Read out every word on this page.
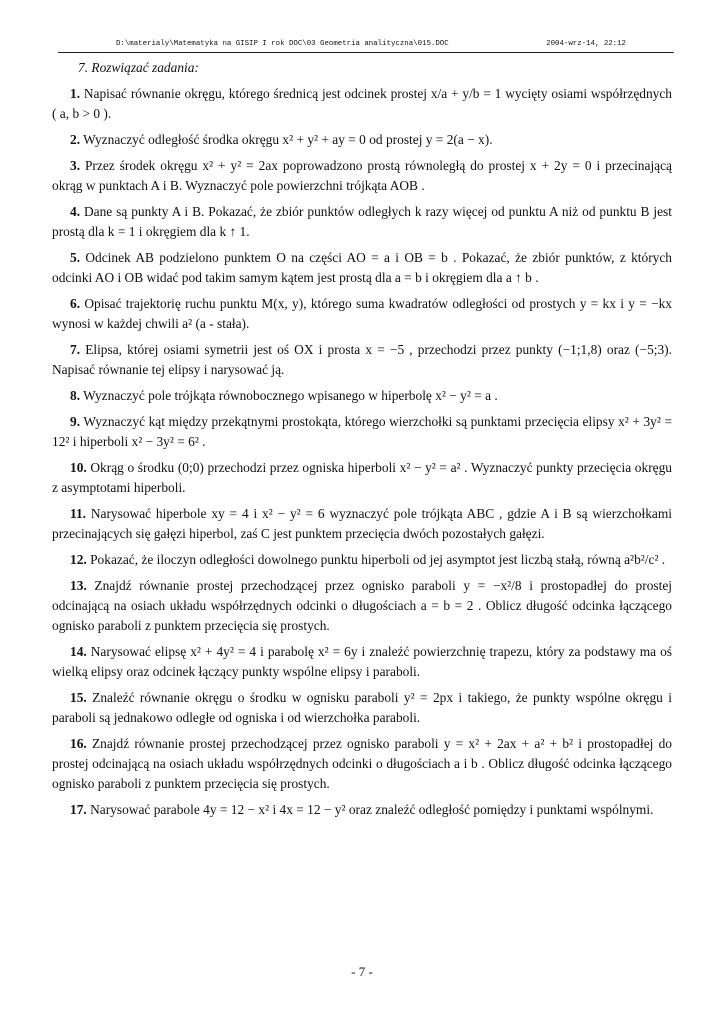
D:\materialy\Matematyka na GISIP I rok DOC\03 Geometria analityczna\015.DOC	2004-wrz-14, 22:12

7. Rozwiązać zadania:

1. Napisać równanie okręgu, którego średnicą jest odcinek prostej x/a + y/b = 1 wycięty osiami współrzędnych ( a, b > 0 ).

2. Wyznaczyć odległość środka okręgu x² + y² + ay = 0 od prostej y = 2(a − x).

3. Przez środek okręgu x² + y² = 2ax poprowadzono prostą równoległą do prostej x + 2y = 0 i przecinającą okrąg w punktach A i B. Wyznaczyć pole powierzchni trójkąta AOB .

4. Dane są punkty A i B. Pokazać, że zbiór punktów odległych k razy więcej od punktu A niż od punktu B jest prostą dla k = 1 i okręgiem dla k ↑ 1.

5. Odcinek AB podzielono punktem O na części AO = a i OB = b . Pokazać, że zbiór punktów, z których odcinki AO i OB widać pod takim samym kątem jest prostą dla a = b i okręgiem dla a ↑ b .

6. Opisać trajektorię ruchu punktu M(x, y), którego suma kwadratów odległości od prostych y = kx i y = −kx wynosi w każdej chwili a² (a - stała).

7. Elipsa, której osiami symetrii jest oś OX i prosta x = −5 , przechodzi przez punkty (−1;1,8) oraz (−5;3). Napisać równanie tej elipsy i narysować ją.

8. Wyznaczyć pole trójkąta równobocznego wpisanego w hiperbolę x² − y² = a .

9. Wyznaczyć kąt między przekątnymi prostokąta, którego wierzchołki są punktami przecięcia elipsy x² + 3y² = 12² i hiperboli x² − 3y² = 6² .

10. Okrąg o środku (0;0) przechodzi przez ogniska hiperboli x² − y² = a² . Wyznaczyć punkty przecięcia okręgu z asymptotami hiperboli.

11. Narysować hiperbole xy = 4 i x² − y² = 6 wyznaczyć pole trójkąta ABC , gdzie A i B są wierzchołkami przecinających się gałęzi hiperbol, zaś C jest punktem przecięcia dwóch pozostałych gałęzi.

12. Pokazać, że iloczyn odległości dowolnego punktu hiperboli od jej asymptot jest liczbą stałą, równą a²b²/c² .

13. Znajdź równanie prostej przechodzącej przez ognisko paraboli y = −x²/8 i prostopadłej do prostej odcinającą na osiach układu współrzędnych odcinki o długościach a = b = 2 . Oblicz długość odcinka łączącego ognisko paraboli z punktem przecięcia się prostych.

14. Narysować elipsę x² + 4y² = 4 i parabolę x² = 6y i znaleźć powierzchnię trapezu, który za podstawy ma oś wielką elipsy oraz odcinek łączący punkty wspólne elipsy i paraboli.

15. Znaleźć równanie okręgu o środku w ognisku paraboli y² = 2px i takiego, że punkty wspólne okręgu i paraboli są jednakowo odległe od ogniska i od wierzchołka paraboli.

16. Znajdź równanie prostej przechodzącej przez ognisko paraboli y = x² + 2ax + a² + b² i prostopadłej do prostej odcinającą na osiach układu współrzędnych odcinki o długościach a i b . Oblicz długość odcinka łączącego ognisko paraboli z punktem przecięcia się prostych.

17. Narysować parabole 4y = 12 − x² i 4x = 12 − y² oraz znaleźć odległość pomiędzy i punktami wspólnymi.

- 7 -
